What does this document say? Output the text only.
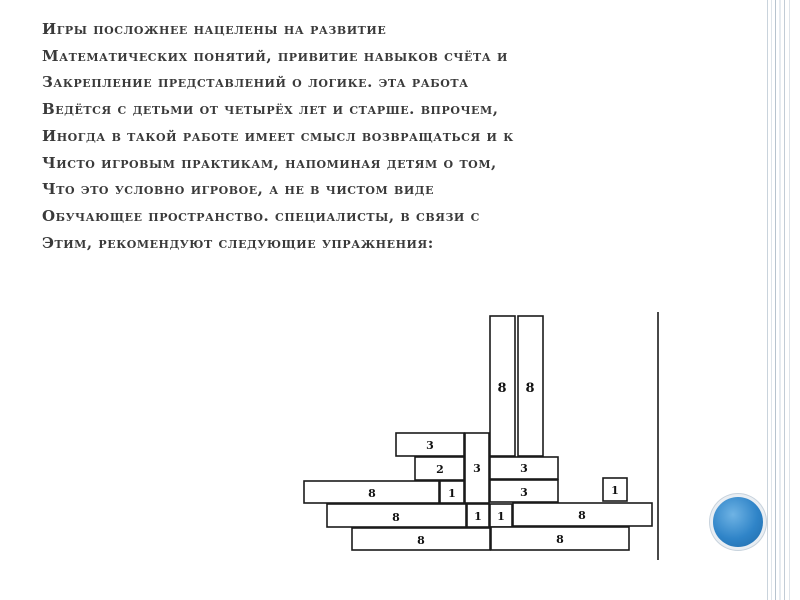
Игры посложнее нацелены на развитие
Математических понятий, привитие навыков счёта и
Закрепление представлений о логике. эта работа
Ведётся с детьми от четырёх лет и старше. впрочем,
Иногда в такой работе имеет смысл возвращаться и к
Чисто игровым практикам, напоминая детям о том,
Что это условно игровое, а не в чистом виде
Обучающее пространство. специалисты, в связи с
Этим, рекомендуют следующие упражнения:
8 8
3
2	3	3
8	1	3	1
8	1 1	8
8	8
